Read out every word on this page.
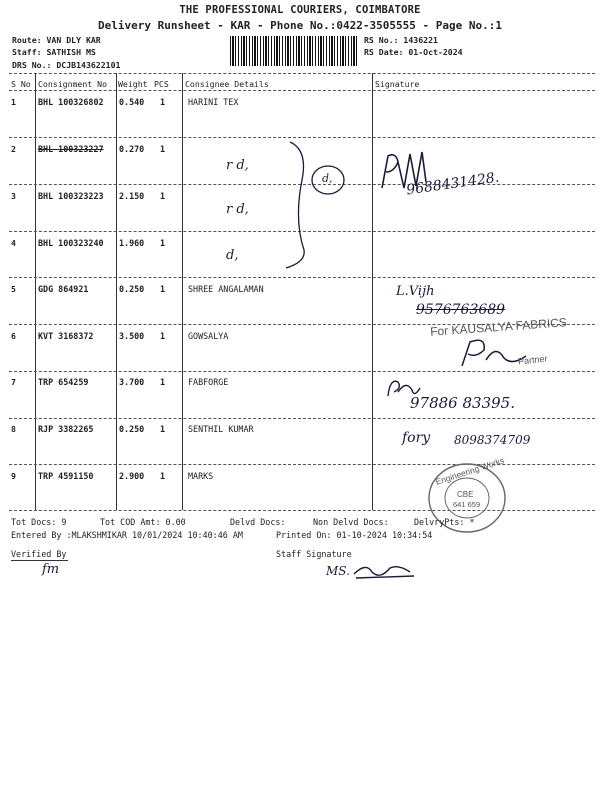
THE PROFESSIONAL COURIERS, COIMBATORE
Delivery Runsheet - KAR - Phone No.:0422-3505555 - Page No.:1
Route: VAN DLY KAR
Staff: SATHISH MS
DRS No.: DCJB143622101
RS No.: 1436221
RS Date: 01-Oct-2024
S No Consignment No Weight PCS Consignee Details	Signature
1	BHL 100326802 0.540 1	HARINI TEX
2	BHL 100323227 0.270 1
3	BHL 100323223 2.150 1
4	BHL 100323240 1.960 1
5	GDG 864921	0.250 1	SHREE ANGALAMAN
6	KVT 3168372	3.500 1	GOWSALYA
7	TRP 654259	3.700 1	FABFORGE
8	RJP 3382265	0.250 1	SENTHIL KUMAR
9	TRP 4591150	2.900 1	MARKS
r d,
r d,
d,
d,	9688431428.
L.Vijh
9576763689
For KAUSALYA FABRICS
Partner
97886 83395.
fory 8098374709
Engineering Works
CBE
641 659
Tot Docs: 9	Tot COD Amt: 0.00	Delvd Docs:	Non Delvd Docs:	DelvryPts: *
Entered By :MLAKSHMIKAR 10/01/2024 10:40:46 AM	Printed On: 01-10-2024 10:34:54
Verified By
fm
Staff Signature
MS.
